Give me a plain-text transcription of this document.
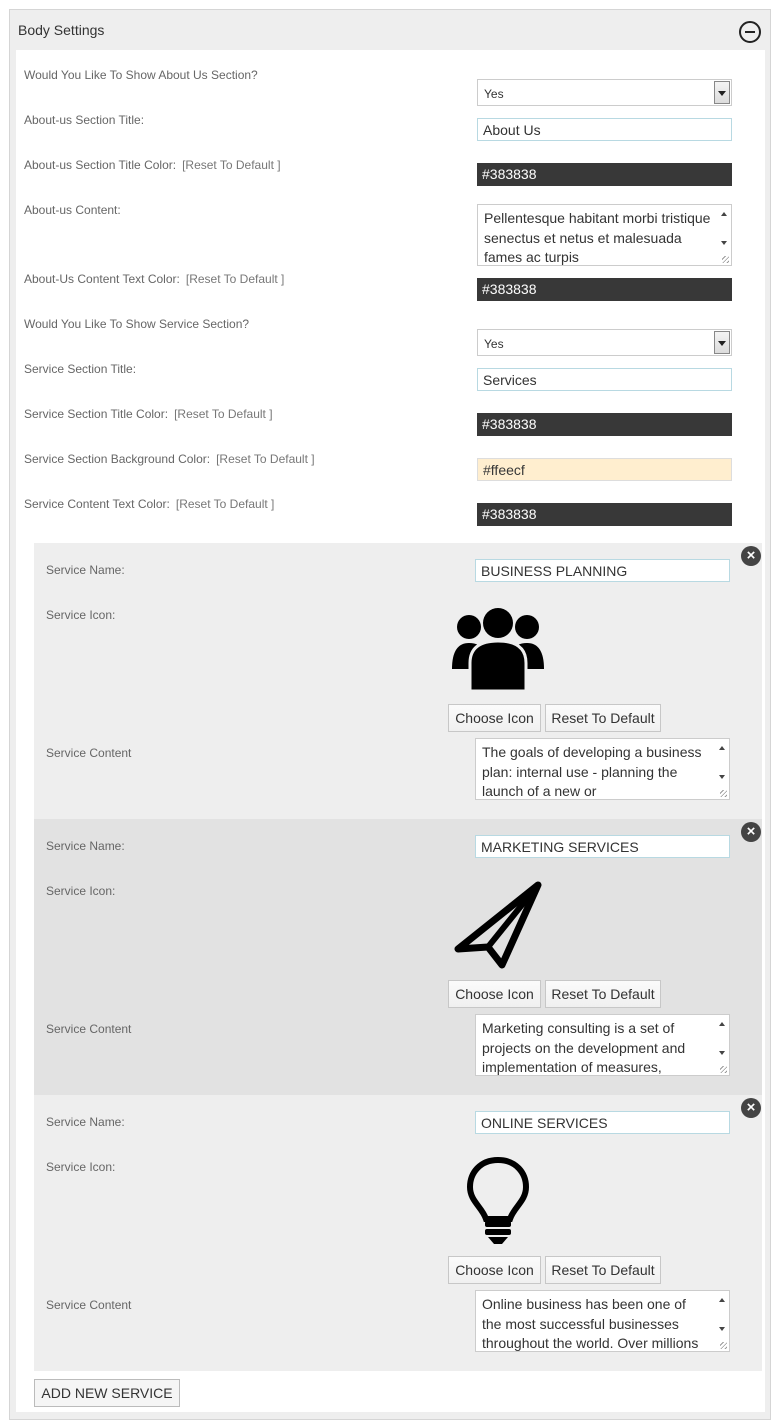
Body Settings
Would You Like To Show About Us Section?
Yes
About-us Section Title:
About Us
About-us Section Title Color: [Reset To Default ]
#383838
About-us Content:	Pellentesque habitant morbi tristique senectus et netus et malesuada fames ac turpis
About-Us Content Text Color: [Reset To Default ]
#383838
Would You Like To Show Service Section?
Yes
Service Section Title:
Services
Service Section Title Color: [Reset To Default ]
#383838
Service Section Background Color: [Reset To Default ]
#ffeecf
Service Content Text Color: [Reset To Default ]
#383838
×
Service Name:	BUSINESS PLANNING
Service Icon:
Choose Icon	Reset To Default
Service Content	The goals of developing a business plan: internal use - planning the launch of a new or
×
Service Name:	MARKETING SERVICES
Service Icon:
Choose Icon	Reset To Default
Service Content	Marketing consulting is a set of projects on the development and implementation of measures,
×
Service Name:	ONLINE SERVICES
Service Icon:
Choose Icon	Reset To Default
Service Content	Online business has been one of the most successful businesses throughout the world. Over millions
ADD NEW SERVICE
